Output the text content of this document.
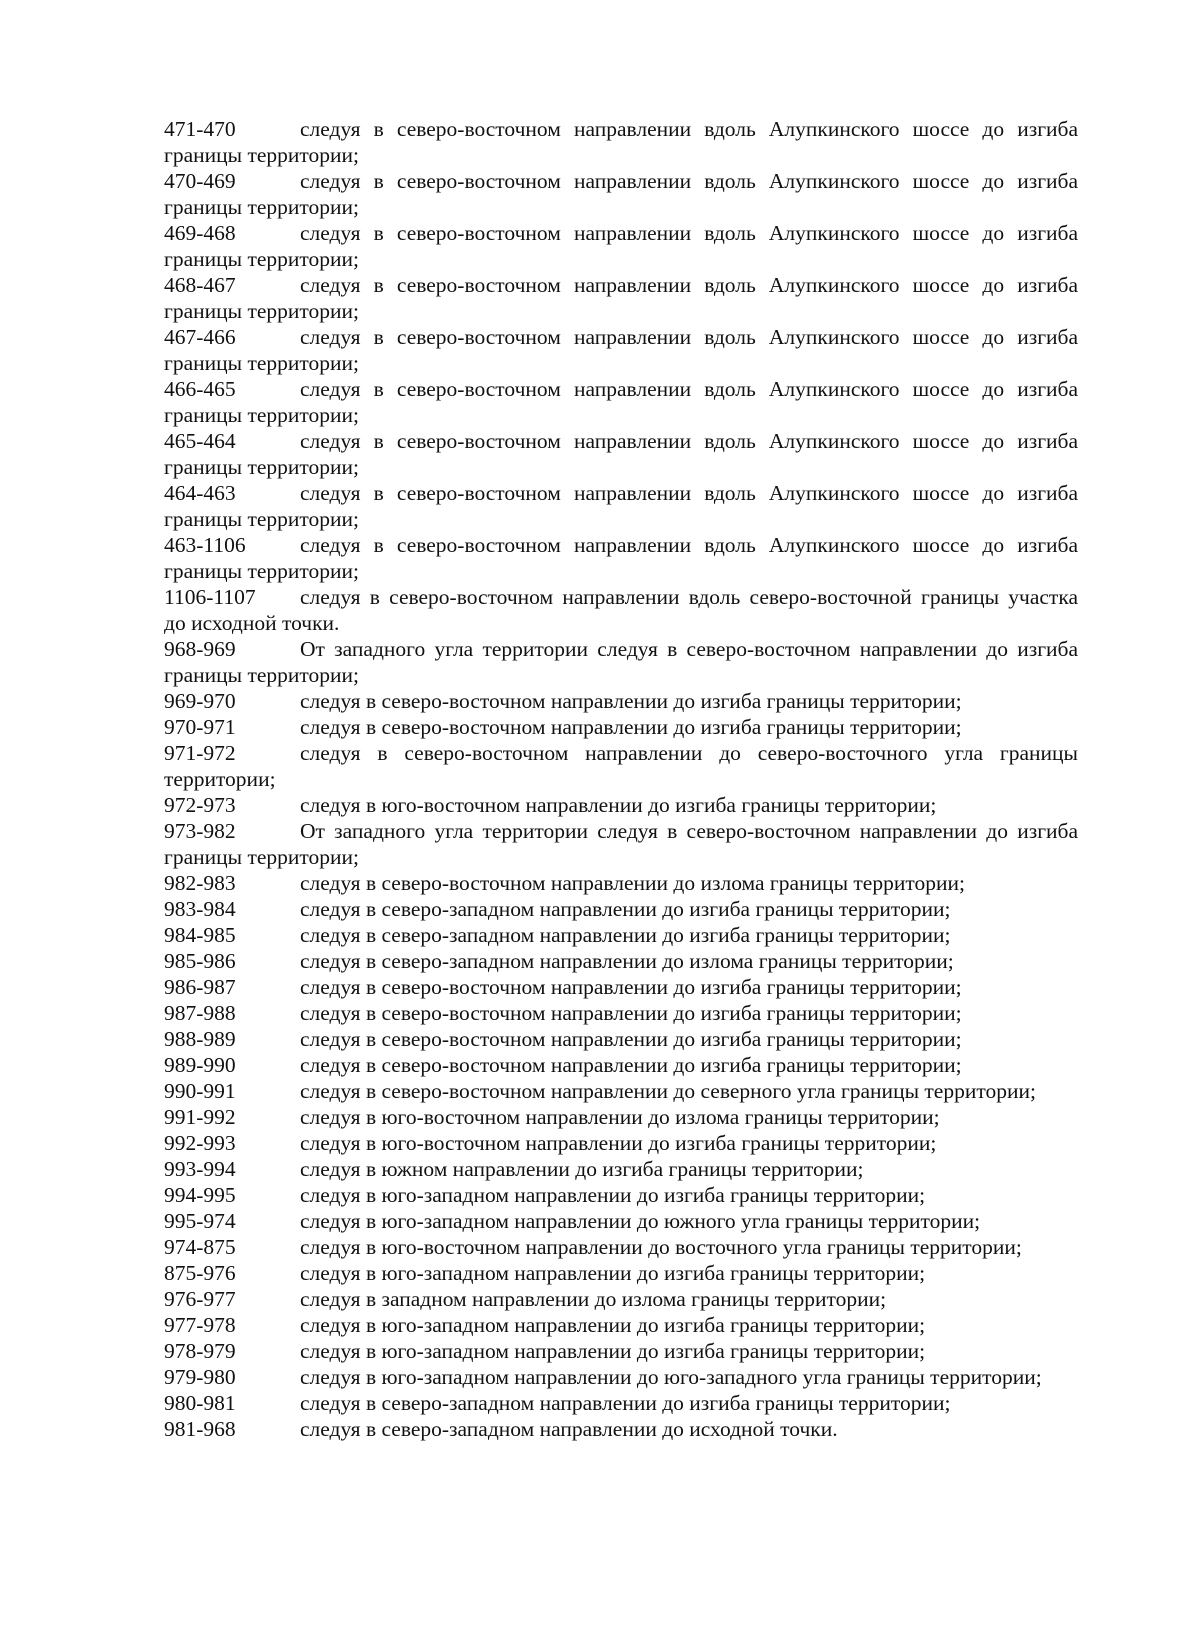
471-470	следуя в северо-восточном направлении вдоль Алупкинского шоссе до изгиба границы территории;

470-469	следуя в северо-восточном направлении вдоль Алупкинского шоссе до изгиба границы территории;

469-468	следуя в северо-восточном направлении вдоль Алупкинского шоссе до изгиба границы территории;

468-467	следуя в северо-восточном направлении вдоль Алупкинского шоссе до изгиба границы территории;

467-466	следуя в северо-восточном направлении вдоль Алупкинского шоссе до изгиба границы территории;

466-465	следуя в северо-восточном направлении вдоль Алупкинского шоссе до изгиба границы территории;

465-464	следуя в северо-восточном направлении вдоль Алупкинского шоссе до изгиба границы территории;

464-463	следуя в северо-восточном направлении вдоль Алупкинского шоссе до изгиба границы территории;

463-1106	следуя в северо-восточном направлении вдоль Алупкинского шоссе до изгиба границы территории;

1106-1107 следуя в северо-восточном направлении вдоль северо-восточной границы участка до исходной точки.

968-969	От западного угла территории следуя в северо-восточном направлении до изгиба границы территории;

969-970	следуя в северо-восточном направлении до изгиба границы территории;

970-971	следуя в северо-восточном направлении до изгиба границы территории;

971-972	следуя в северо-восточном направлении до северо-восточного угла границы территории;

972-973	следуя в юго-восточном направлении до изгиба границы территории;

973-982	От западного угла территории следуя в северо-восточном направлении до изгиба границы территории;

982-983	следуя в северо-восточном направлении до излома границы территории;

983-984	следуя в северо-западном направлении до изгиба границы территории;

984-985	следуя в северо-западном направлении до изгиба границы территории;

985-986	следуя в северо-западном направлении до излома границы территории;

986-987	следуя в северо-восточном направлении до изгиба границы территории;

987-988	следуя в северо-восточном направлении до изгиба границы территории;

988-989	следуя в северо-восточном направлении до изгиба границы территории;

989-990	следуя в северо-восточном направлении до изгиба границы территории;

990-991	следуя в северо-восточном направлении до северного угла границы территории;

991-992	следуя в юго-восточном направлении до излома границы территории;

992-993	следуя в юго-восточном направлении до изгиба границы территории;

993-994	следуя в южном направлении до изгиба границы территории;

994-995	следуя в юго-западном направлении до изгиба границы территории;

995-974	следуя в юго-западном направлении до южного угла границы территории;

974-875	следуя в юго-восточном направлении до восточного угла границы территории;

875-976	следуя в юго-западном направлении до изгиба границы территории;

976-977	следуя в западном направлении до излома границы территории;

977-978	следуя в юго-западном направлении до изгиба границы территории;

978-979	следуя в юго-западном направлении до изгиба границы территории;

979-980	следуя в юго-западном направлении до юго-западного угла границы территории;

980-981	следуя в северо-западном направлении до изгиба границы территории;

981-968	следуя в северо-западном направлении до исходной точки.
